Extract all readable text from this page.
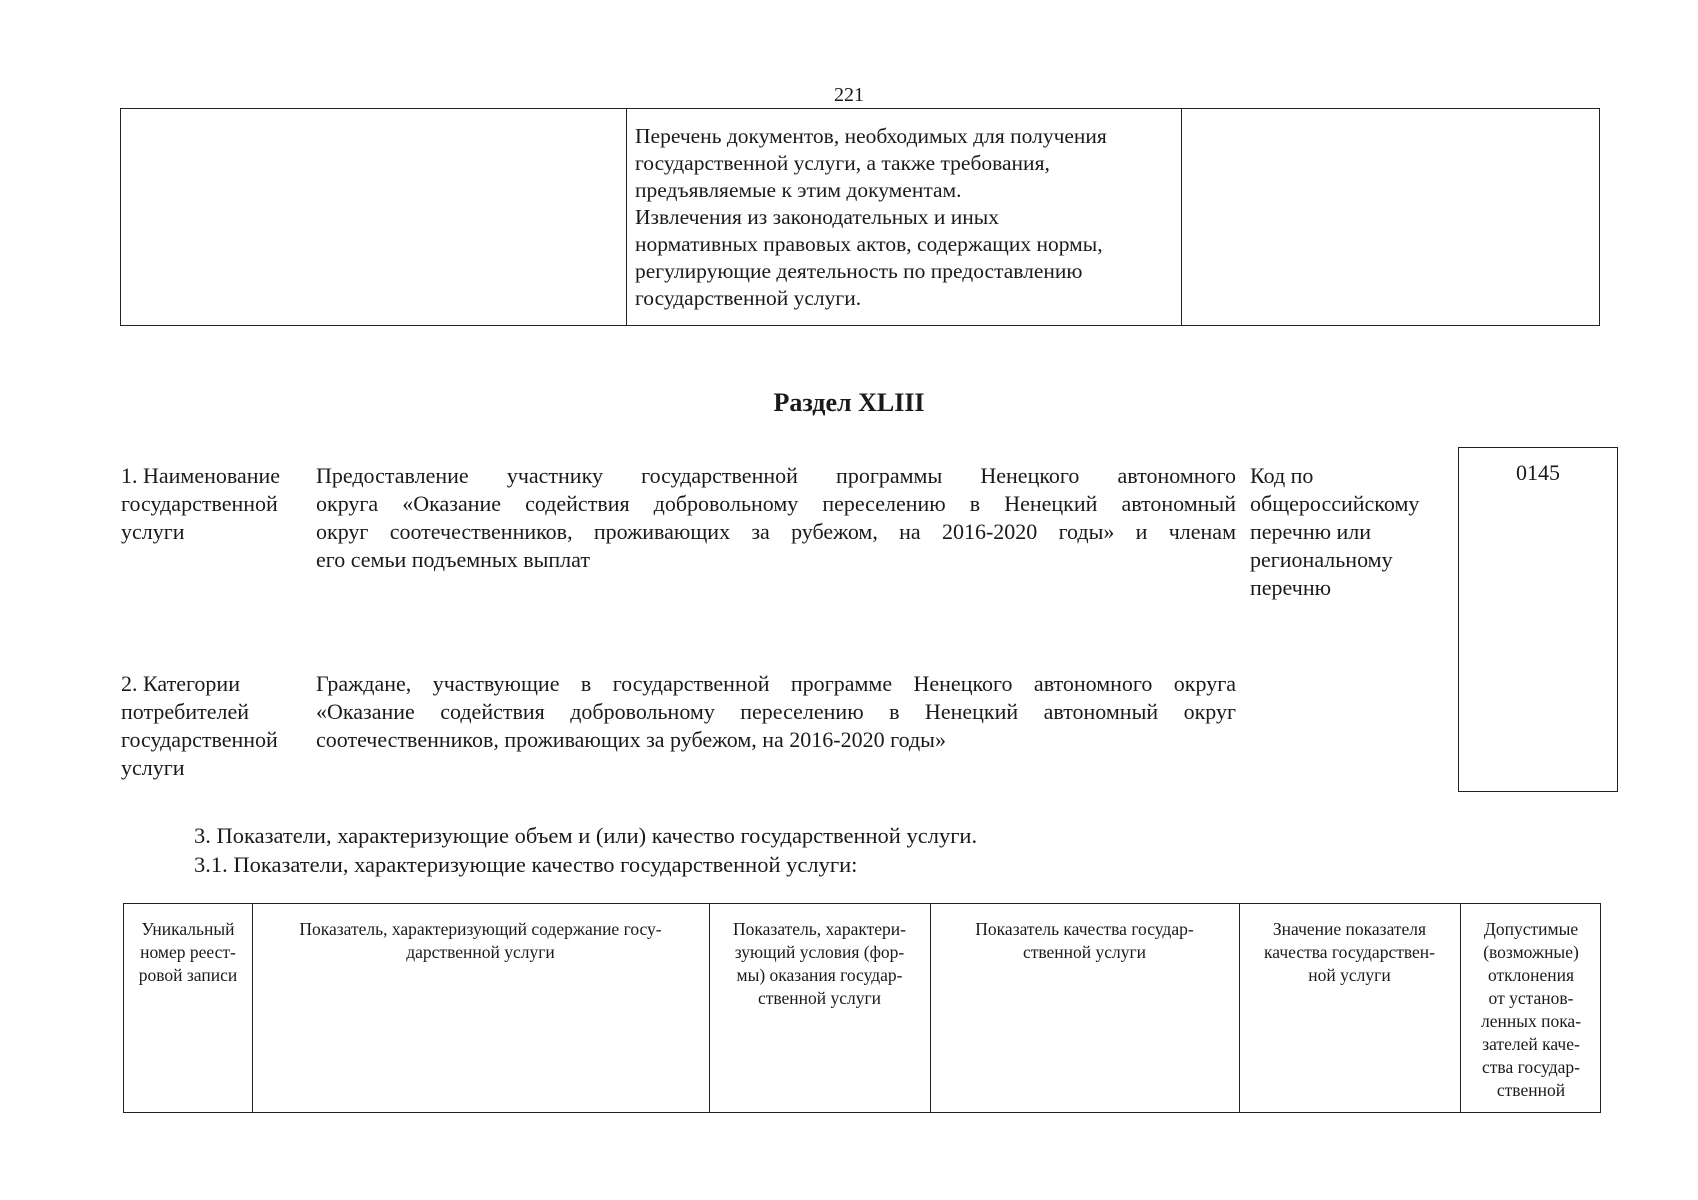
221
Перечень документов, необходимых для получения
государственной услуги, а также требования,
предъявляемые к этим документам.
Извлечения из законодательных и иных
нормативных правовых актов, содержащих нормы,
регулирующие деятельность по предоставлению
государственной услуги.
Раздел XLIII
1. Наименование
государственной
услуги
Предоставление участнику государственной программы Ненецкого автономного
округа «Оказание содействия добровольному переселению в Ненецкий автономный
округ соотечественников, проживающих за рубежом, на 2016-2020 годы» и членам
его семьи подъемных выплат
Код по
общероссийскому
перечню или
региональному
перечню
0145
2. Категории
потребителей
государственной
услуги
Граждане, участвующие в государственной программе Ненецкого автономного округа
«Оказание содействия добровольному переселению в Ненецкий автономный округ
соотечественников, проживающих за рубежом, на 2016-2020 годы»
3. Показатели, характеризующие объем и (или) качество государственной услуги.
3.1. Показатели, характеризующие качество государственной услуги:
Уникальный
номер реест-
ровой записи
Показатель, характеризующий содержание госу-
дарственной услуги
Показатель, характери-
зующий условия (фор-
мы) оказания государ-
ственной услуги
Показатель качества государ-
ственной услуги
Значение показателя
качества государствен-
ной услуги
Допустимые
(возможные)
отклонения
от установ-
ленных пока-
зателей каче-
ства государ-
ственной
